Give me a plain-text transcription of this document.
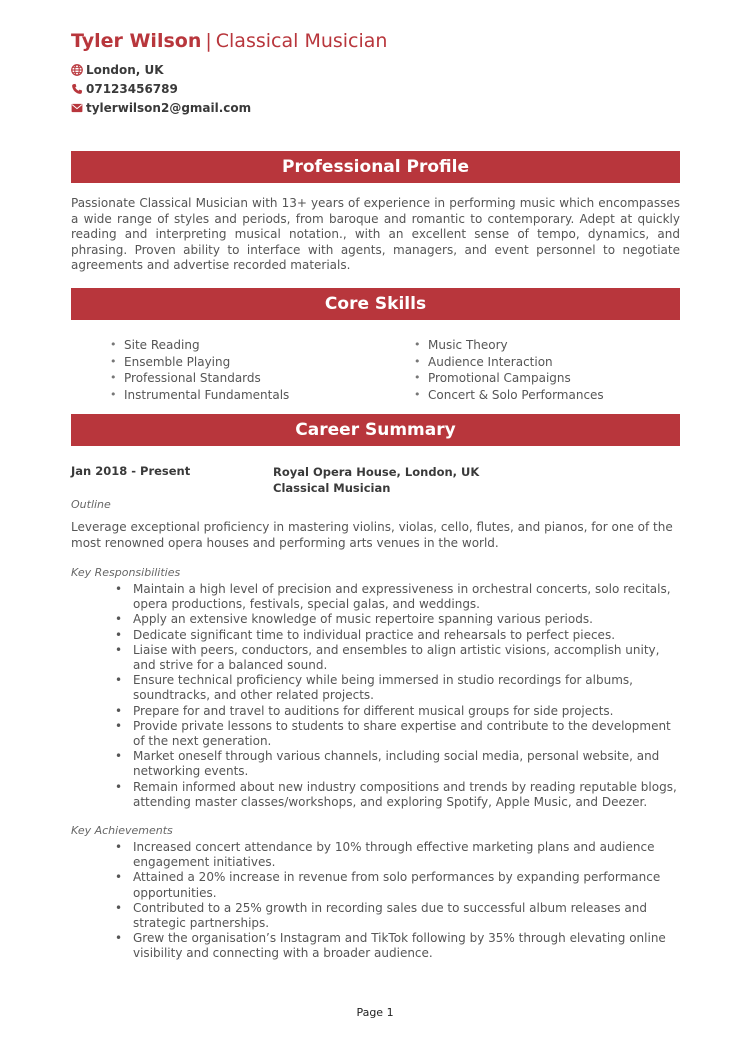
Tyler Wilson | Classical Musician
London, UK
07123456789
tylerwilson2@gmail.com
Professional Profile

Passionate Classical Musician with 13+ years of experience in performing music which encompasses a wide range of styles and periods, from baroque and romantic to contemporary. Adept at quickly reading and interpreting musical notation., with an excellent sense of tempo, dynamics, and phrasing. Proven ability to interface with agents, managers, and event personnel to negotiate agreements and advertise recorded materials.

Core Skills
• Site Reading
• Ensemble Playing
• Professional Standards
• Instrumental Fundamentals
• Music Theory
• Audience Interaction
• Promotional Campaigns
• Concert & Solo Performances
Career Summary
Jan 2018 - Present	Royal Opera House, London, UK
Classical Musician
Outline

Leverage exceptional proficiency in mastering violins, violas, cello, flutes, and pianos, for one of the most renowned opera houses and performing arts venues in the world.

Key Responsibilities
• Maintain a high level of precision and expressiveness in orchestral concerts, solo recitals, opera productions, festivals, special galas, and weddings.
• Apply an extensive knowledge of music repertoire spanning various periods.
• Dedicate significant time to individual practice and rehearsals to perfect pieces.
• Liaise with peers, conductors, and ensembles to align artistic visions, accomplish unity, and strive for a balanced sound.
• Ensure technical proficiency while being immersed in studio recordings for albums, soundtracks, and other related projects.
• Prepare for and travel to auditions for different musical groups for side projects.
• Provide private lessons to students to share expertise and contribute to the development of the next generation.
• Market oneself through various channels, including social media, personal website, and networking events.
• Remain informed about new industry compositions and trends by reading reputable blogs, attending master classes/workshops, and exploring Spotify, Apple Music, and Deezer.
Key Achievements
• Increased concert attendance by 10% through effective marketing plans and audience engagement initiatives.
• Attained a 20% increase in revenue from solo performances by expanding performance opportunities.
• Contributed to a 25% growth in recording sales due to successful album releases and strategic partnerships.
• Grew the organisation’s Instagram and TikTok following by 35% through elevating online visibility and connecting with a broader audience.
Page 1
